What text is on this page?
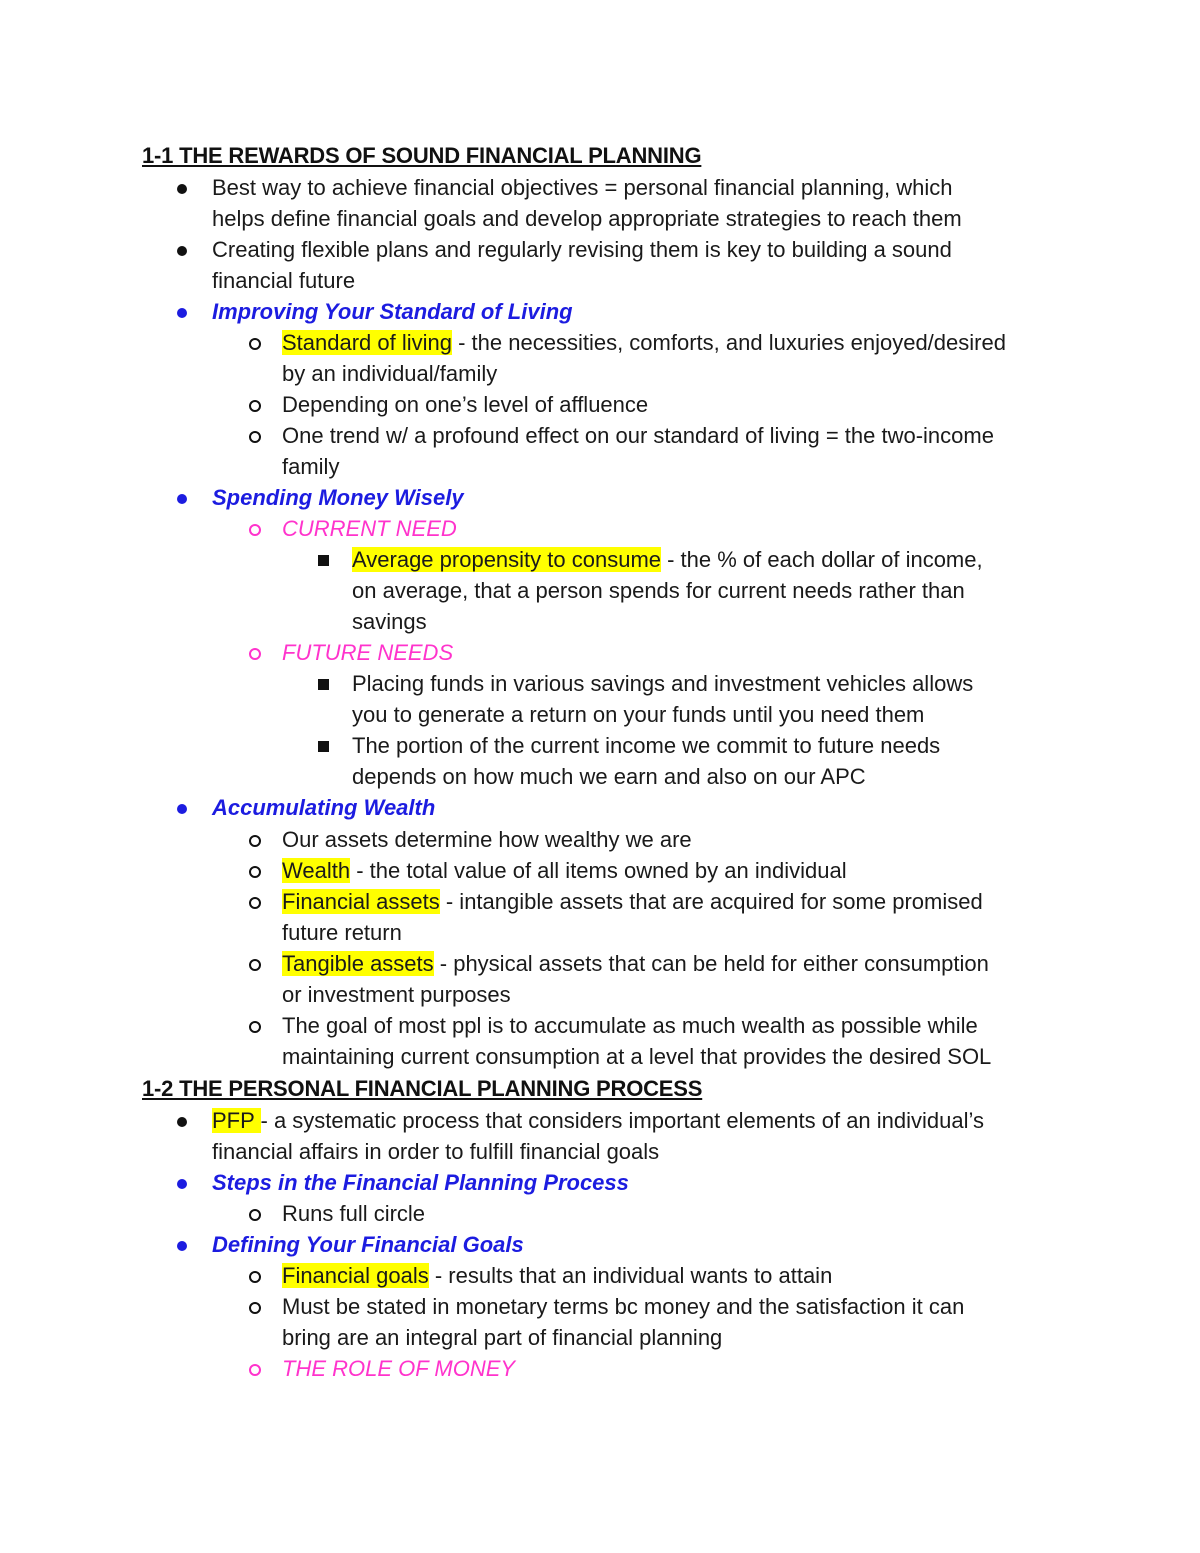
1-1 THE REWARDS OF SOUND FINANCIAL PLANNING
Best way to achieve financial objectives = personal financial planning, which
helps define financial goals and develop appropriate strategies to reach them
Creating flexible plans and regularly revising them is key to building a sound
financial future
Improving Your Standard of Living
Standard of living - the necessities, comforts, and luxuries enjoyed/desired
by an individual/family
Depending on one’s level of affluence
One trend w/ a profound effect on our standard of living = the two-income
family
Spending Money Wisely
CURRENT NEED
Average propensity to consume - the % of each dollar of income,
on average, that a person spends for current needs rather than
savings
FUTURE NEEDS
Placing funds in various savings and investment vehicles allows
you to generate a return on your funds until you need them
The portion of the current income we commit to future needs
depends on how much we earn and also on our APC
Accumulating Wealth
Our assets determine how wealthy we are
Wealth - the total value of all items owned by an individual
Financial assets - intangible assets that are acquired for some promised
future return
Tangible assets - physical assets that can be held for either consumption
or investment purposes
The goal of most ppl is to accumulate as much wealth as possible while
maintaining current consumption at a level that provides the desired SOL
1-2 THE PERSONAL FINANCIAL PLANNING PROCESS
PFP - a systematic process that considers important elements of an individual’s
financial affairs in order to fulfill financial goals
Steps in the Financial Planning Process
Runs full circle
Defining Your Financial Goals
Financial goals - results that an individual wants to attain
Must be stated in monetary terms bc money and the satisfaction it can
bring are an integral part of financial planning
THE ROLE OF MONEY
